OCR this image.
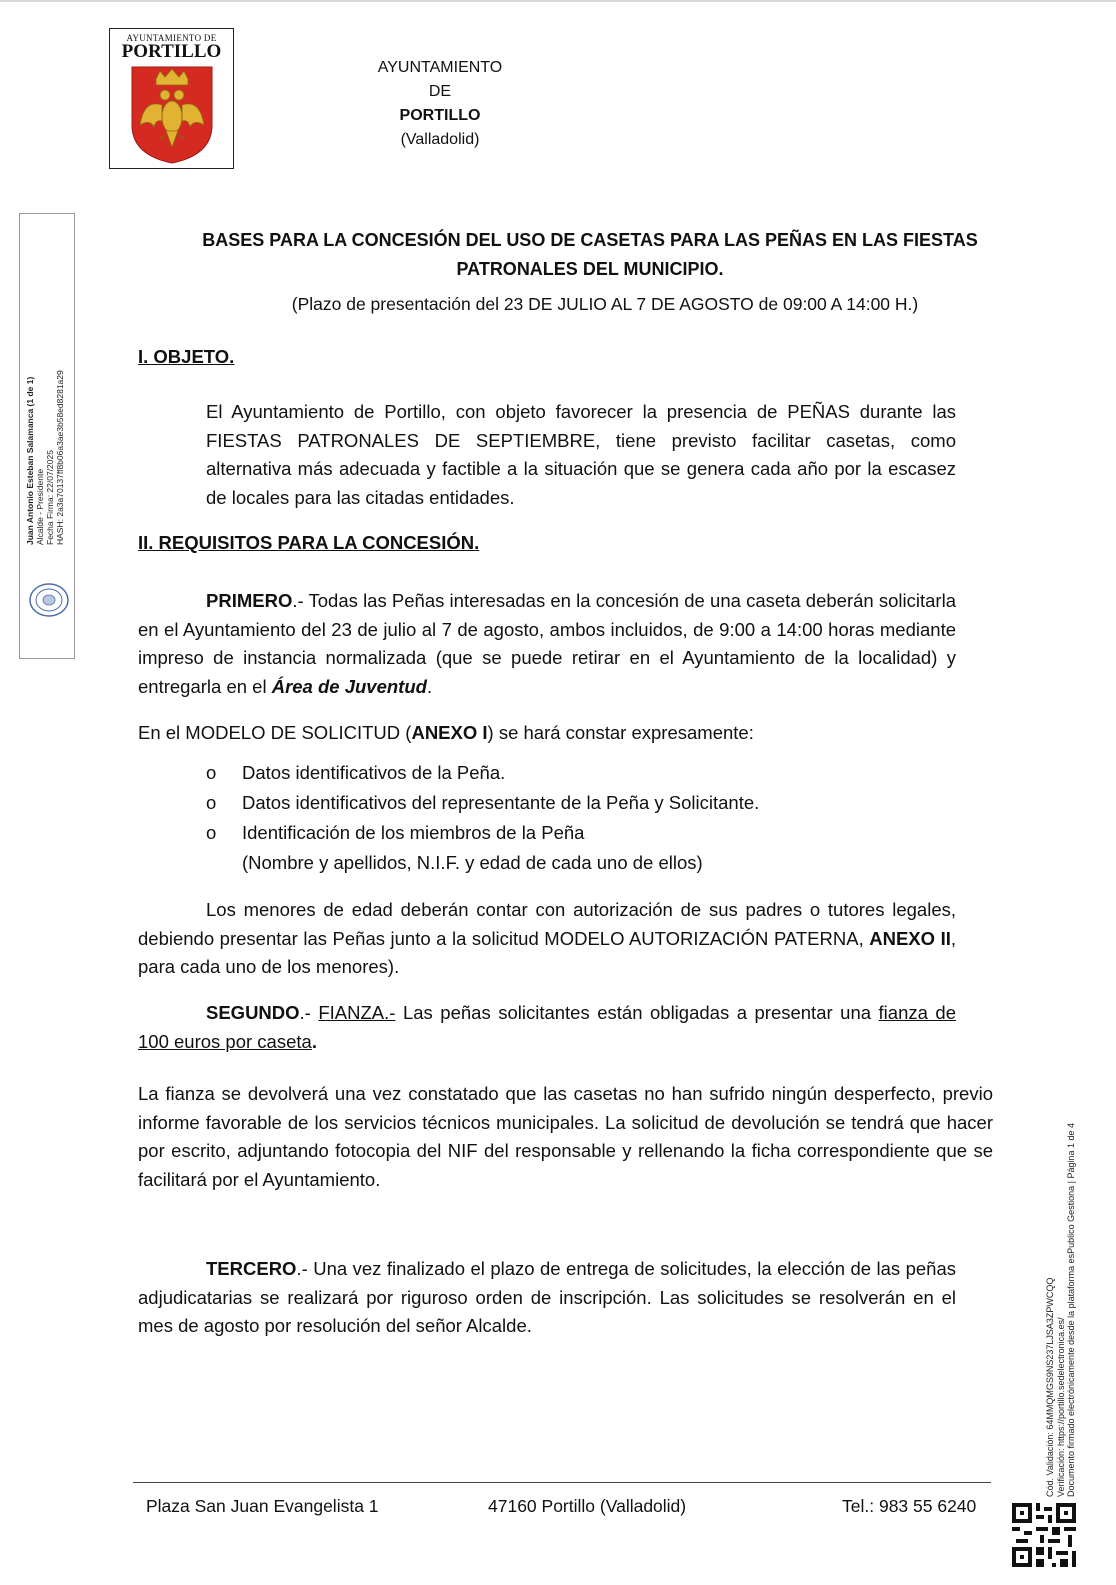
AYUNTAMIENTO DE
PORTILLO
AYUNTAMIENTO
DE
PORTILLO
(Valladolid)
Juan Antonio Esteban Salamanca (1 de 1) Alcalde - Presidente Fecha Firma: 22/07/2025 HASH: 2a3a70137ff8b06a3ae3b58ed8281a29
Cód. Validación: 64MMQMGS9NS237LJSA3ZPWCQQ Verificación: https://portillo.sedelectronica.es/ Documento firmado electrónicamente desde la plataforma esPublico Gestiona | Página 1 de 4
BASES PARA LA CONCESIÓN DEL USO DE CASETAS PARA LAS PEÑAS EN LAS FIESTAS
PATRONALES DEL MUNICIPIO.
(Plazo de presentación del 23 DE JULIO AL 7 DE AGOSTO de 09:00 A 14:00 H.)
I. OBJETO.
El Ayuntamiento de Portillo, con objeto favorecer la presencia de PEÑAS durante las FIESTAS PATRONALES DE SEPTIEMBRE, tiene previsto facilitar casetas, como alternativa más adecuada y factible a la situación que se genera cada año por la escasez de locales para las citadas entidades.
II. REQUISITOS PARA LA CONCESIÓN.
PRIMERO.- Todas las Peñas interesadas en la concesión de una caseta deberán solicitarla en el Ayuntamiento del 23 de julio al 7 de agosto, ambos incluidos, de 9:00 a 14:00 horas mediante impreso de instancia normalizada (que se puede retirar en el Ayuntamiento de la localidad) y entregarla en el Área de Juventud.
En el MODELO DE SOLICITUD (ANEXO I) se hará constar expresamente:
o Datos identificativos de la Peña.
o Datos identificativos del representante de la Peña y Solicitante.
o Identificación de los miembros de la Peña
(Nombre y apellidos, N.I.F. y edad de cada uno de ellos)
Los menores de edad deberán contar con autorización de sus padres o tutores legales, debiendo presentar las Peñas junto a la solicitud MODELO AUTORIZACIÓN PATERNA, ANEXO II, para cada uno de los menores).
SEGUNDO.- FIANZA.- Las peñas solicitantes están obligadas a presentar una fianza de 100 euros por caseta.
La fianza se devolverá una vez constatado que las casetas no han sufrido ningún desperfecto, previo informe favorable de los servicios técnicos municipales. La solicitud de devolución se tendrá que hacer por escrito, adjuntando fotocopia del NIF del responsable y rellenando la ficha correspondiente que se facilitará por el Ayuntamiento.
TERCERO.- Una vez finalizado el plazo de entrega de solicitudes, la elección de las peñas adjudicatarias se realizará por riguroso orden de inscripción. Las solicitudes se resolverán en el mes de agosto por resolución del señor Alcalde.
Plaza San Juan Evangelista 1	47160 Portillo (Valladolid)	Tel.: 983 55 6240
